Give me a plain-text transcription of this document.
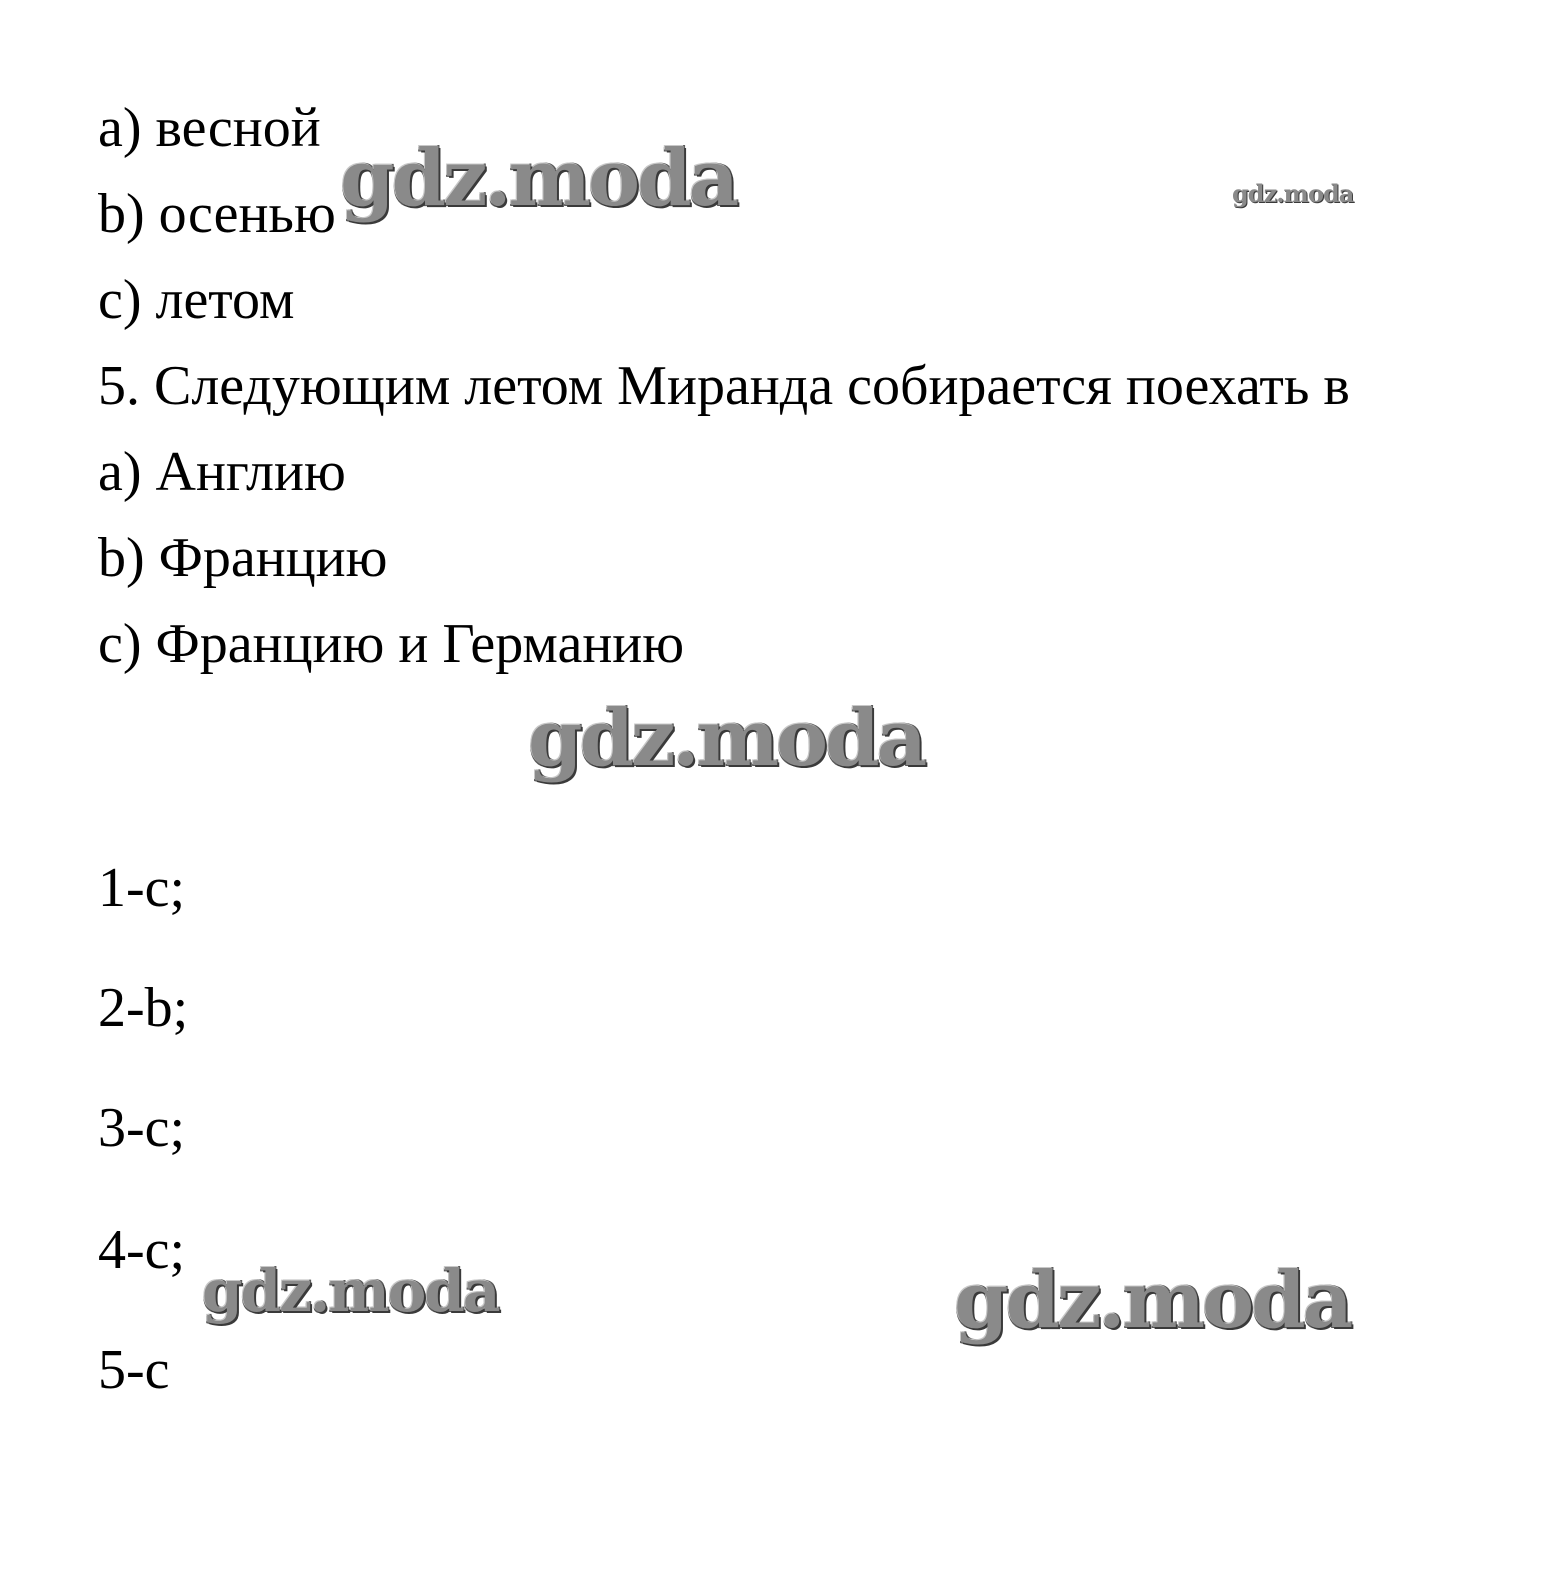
a) весной
b) осенью
c) летом
5. Следующим летом Миранда собирается поехать в
a) Англию
b) Францию
c) Францию и Германию
1-c;
2-b;
3-c;
4-c;
5-c
gdz.moda	gdz.moda
gdz.moda
gdz.moda	gdz.moda
